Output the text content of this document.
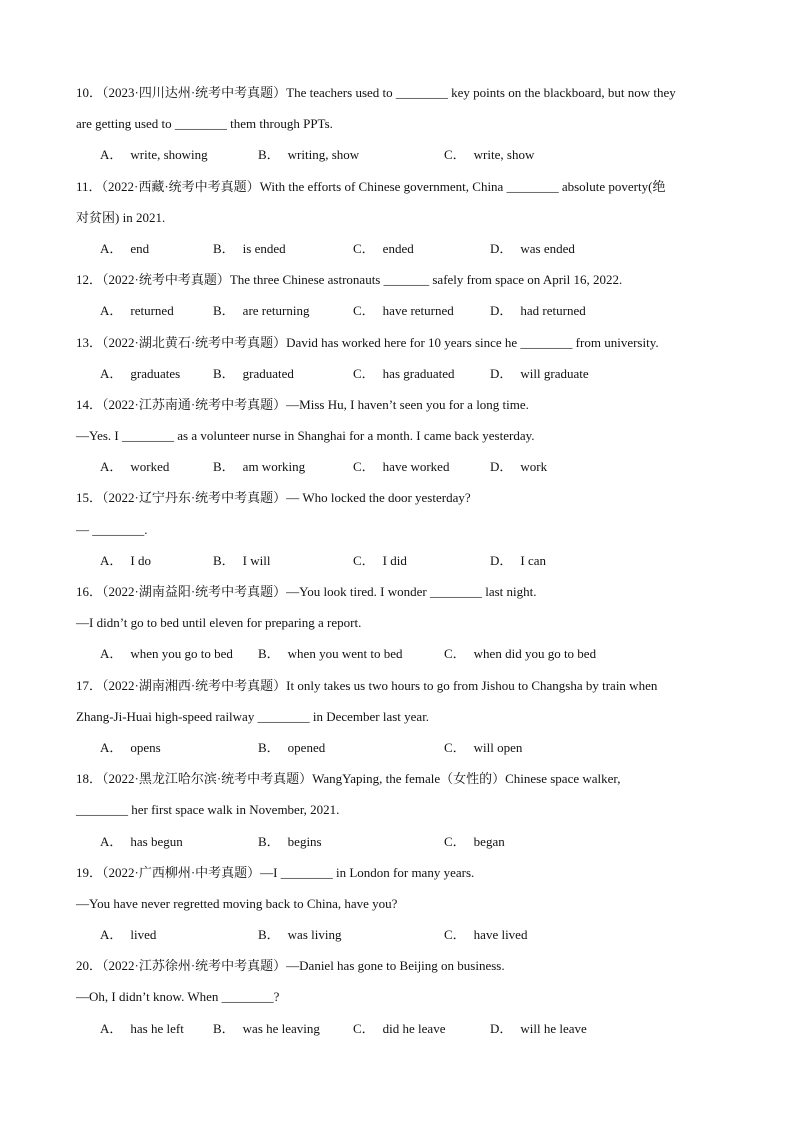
10．（2023·四川达州·统考中考真题）The teachers used to ________ key points on the blackboard, but now they
are getting used to ________ them through PPTs.
A． write, showing	B． writing, show	C． write, show
11．（2022·西藏·统考中考真题）With the efforts of Chinese government, China ________ absolute poverty(绝
对贫困) in 2021.
A． end	B． is ended	C． ended	D． was ended
12．（2022·统考中考真题）The three Chinese astronauts _______ safely from space on April 16, 2022.
A． returned	B． are returning	C． have returned	D． had returned
13．（2022·湖北黄石·统考中考真题）David has worked here for 10 years since he ________ from university.
A． graduates	B． graduated	C． has graduated	D． will graduate
14．（2022·江苏南通·统考中考真题）—Miss Hu, I haven’t seen you for a long time.
—Yes. I ________ as a volunteer nurse in Shanghai for a month. I came back yesterday.
A． worked	B． am working	C． have worked	D． work
15．（2022·辽宁丹东·统考中考真题）— Who locked the door yesterday?
— ________.
A． I do	B． I will	C． I did	D． I can
16．（2022·湖南益阳·统考中考真题）—You look tired. I wonder ________ last night.
—I didn’t go to bed until eleven for preparing a report.
A． when you go to bed B． when you went to bed	C． when did you go to bed
17．（2022·湖南湘西·统考中考真题）It only takes us two hours to go from Jishou to Changsha by train when
Zhang-Ji-Huai high-speed railway ________ in December last year.
A． opens	B． opened	C． will open
18．（2022·黑龙江哈尔滨·统考中考真题）WangYaping, the female（女性的）Chinese space walker,
________ her first space walk in November, 2021.
A． has begun	B． begins	C． began
19．（2022·广西柳州·中考真题）—I ________ in London for many years.
—You have never regretted moving back to China, have you?
A． lived	B． was living	C． have lived
20．（2022·江苏徐州·统考中考真题）—Daniel has gone to Beijing on business.
—Oh, I didn’t know. When ________?
A． has he left B． was he leaving	C． did he leave	D． will he leave
